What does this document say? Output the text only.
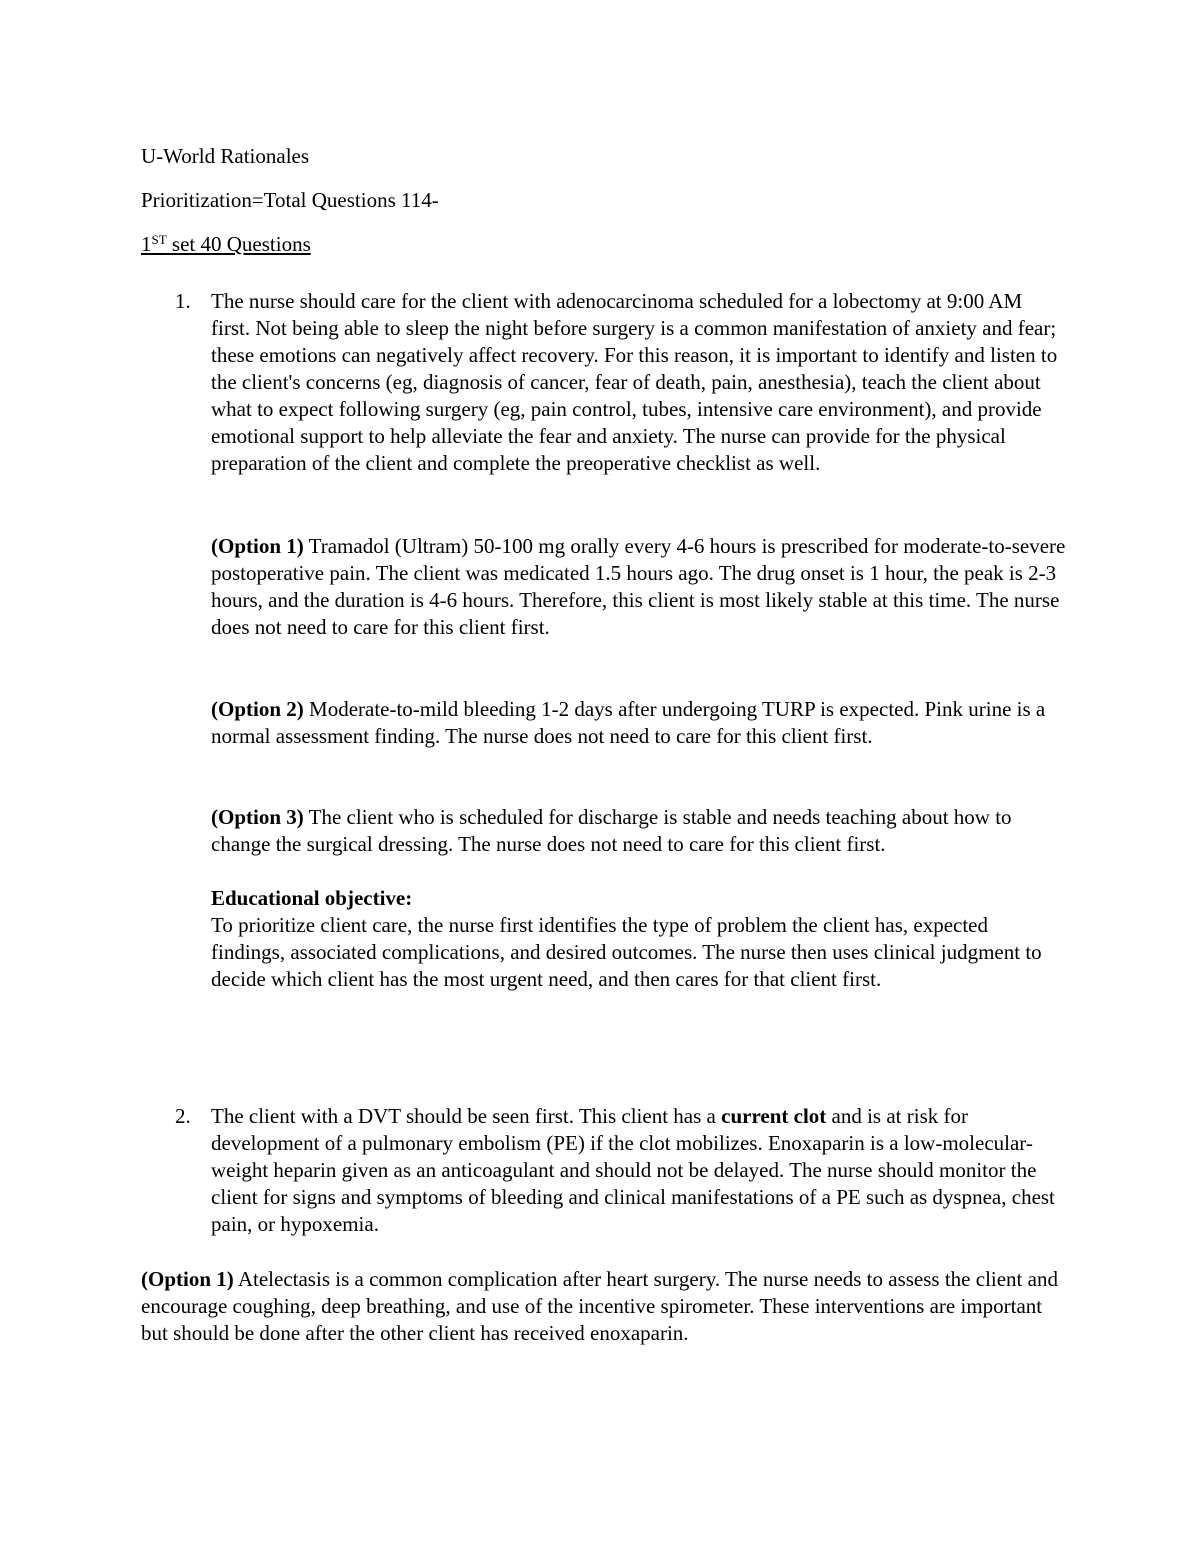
U-World Rationales
Prioritization=Total Questions 114-
1ST set 40 Questions
1. The nurse should care for the client with adenocarcinoma scheduled for a lobectomy at 9:00 AM first. Not being able to sleep the night before surgery is a common manifestation of anxiety and fear; these emotions can negatively affect recovery. For this reason, it is important to identify and listen to the client's concerns (eg, diagnosis of cancer, fear of death, pain, anesthesia), teach the client about what to expect following surgery (eg, pain control, tubes, intensive care environment), and provide emotional support to help alleviate the fear and anxiety. The nurse can provide for the physical preparation of the client and complete the preoperative checklist as well.

(Option 1) Tramadol (Ultram) 50-100 mg orally every 4-6 hours is prescribed for moderate-to-severe postoperative pain. The client was medicated 1.5 hours ago. The drug onset is 1 hour, the peak is 2-3 hours, and the duration is 4-6 hours. Therefore, this client is most likely stable at this time. The nurse does not need to care for this client first.

(Option 2) Moderate-to-mild bleeding 1-2 days after undergoing TURP is expected. Pink urine is a normal assessment finding. The nurse does not need to care for this client first.

(Option 3) The client who is scheduled for discharge is stable and needs teaching about how to change the surgical dressing. The nurse does not need to care for this client first.

Educational objective:

To prioritize client care, the nurse first identifies the type of problem the client has, expected findings, associated complications, and desired outcomes. The nurse then uses clinical judgment to decide which client has the most urgent need, and then cares for that client first.

2. The client with a DVT should be seen first. This client has a current clot and is at risk for development of a pulmonary embolism (PE) if the clot mobilizes. Enoxaparin is a low-molecular-weight heparin given as an anticoagulant and should not be delayed. The nurse should monitor the client for signs and symptoms of bleeding and clinical manifestations of a PE such as dyspnea, chest pain, or hypoxemia.

(Option 1) Atelectasis is a common complication after heart surgery. The nurse needs to assess the client and encourage coughing, deep breathing, and use of the incentive spirometer. These interventions are important but should be done after the other client has received enoxaparin.
